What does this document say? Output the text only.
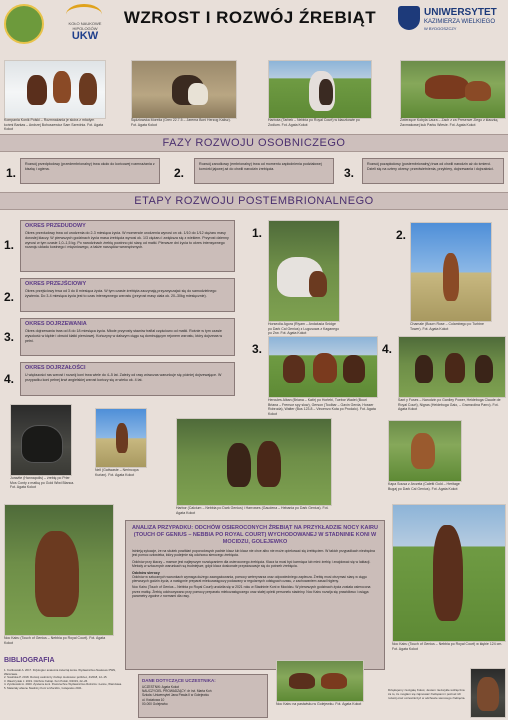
KOŁO NAUKOWE HIPOLOGÓW
UKW
WZROST I ROZWÓJ ŹREBIĄT	UNIWERSYTET
KAZIMIERZA WIELKIEGO
W BYDGOSZCZY
Kompania Konik Polski – Rozmnażania je skóra z młodym końmi Barkas – Andrzej Bohuszewicz Sam Szrednia. Fot. Agata Kokot
Sędziowska Morelia (Grex 22.7.5 – Jarema Boni Herzog Kalisz). Fot. Agata Kokot
Harbota (Tarbek – Nebbia po Royal Court) w klaczkowie po Zodium. Fot. Agata Kokot
Zwierzęce Kobyla Laura – Zach z za Preserwe Ziego z klaczką Zaxmakowej kuk Parku Wiesie. Fot. Agata Kokot
FAZY ROZWOJU OSOBNICZEGO
1.
Rozwój przedpłodowy (przedembrionalny) trwa około do końcowej rozmnażania z kiszkę i ogiena.	2.
Rozwój zarodkowy (embrionalny) trwa od momentu zapłodnienia podziałowej komórki jajowej aż do chwili narodzin źrebięcia.	3.
Rozwój pozapłodowy (postembrionalny) trwa od chwili narodzin aż do śmierci. Dzieli się na cztery okresy: przedwietnienia, przybiery, dojrzewania i dojrzałości.
ETAPY ROZWOJU POSTEMBRIONALNEGO
1.
OKRES PRZEDUDOWY
Okres przedudowy trwa od urodzenia do 2-3 miesiąca życia. W momencie urodzenia wynosi on ok. 1/10 do 1/12 ciężaru masy dorosłej klaczy. W pierwszych godzinach życia masa źrebięcia wynosi ok. 1/3 ciężaru i zwiększa się z wiekiem. Przyrost dzienny wynosi w tym czasie 1,0–1,5 kg. Po narodzinach źrebię powinno pić siarę od matki. Pierwsze dni życia to okres intensywnego rozwoju układu kostnego i mięśniowego, a także narządów wewnętrznych.
2.
OKRES PRZEJŚCIOWY
Okres przejściowy trwa od 3 do 8 miesiąca życia. W tym czasie źrebięta zaczynają przyzwyczajać się do samodzielnego żywienia. Do 3-4 miesiąca życia jest to czas intensywnego wzrostu (przyrost masy ciała ok. 20–30kg miesięcznie).
3.
OKRES DOJRZEWANIA
Okres dojrzewania trwa od 8 do 18 miesiąca życia. Młode przyrosty stawów trafiał częściowo od matki. Rośnie w tym czasie wysokość w kłębie i obwód klatki piersiowej. Kończyny w dalszym ciągu są dominującym rejonem wzrostu, który dojrzewa w pełni.
4.
OKRES DOJRZAŁOŚCI
U większości ras wzrost i rozwój koni trwa wiele do 4–5 lat. Zależy od rasy wówczas warunkuje się później dojrzewające. W przypadku koni pełnej krwi angielskiej wzrost kończy się w wieku ok. 4 lat.
1.
Horseolia Agora (Riyam – Andalusia Snidge po Dark Cal Genius) z Lugusowa z Kaganego po Zrw. Fot. Agata Kokot
2.
Chamale (Bourn Rose – Colambego po Turbine Tower). Fot. Agata Kokot
3.
Hercules Alban (Briana – Katir) po Horlebi, Tuebor Wadel (Bouri Briana – Frensor spy slow), Gerson (Toolbar – Gavin Gerda, Hosser Robroda), Walter (Bus 123.8 – Vincenzo Kuta po Prodalo). Fot. Agata Kokot
4.
Sant y Fuses – Narodzin po Ganlley Power, Heideboga Claude de Royal Court), Nigras (Heideboga Gaio, – Gramzolina Parro). Fot. Agata Kokot
Juravite (Hannapolis) – źrebię po Prier Mos Conty z matką po Gold Wiwi Blanca. Fot. Agata Kokot
Nell (Gaitwaste – Nerincopa Kurian). Fot. Agata Kokot
Harbor (Calcium – Nebbia po Dark Genius) i Harrowes (Gaudena – Hebania po Dark Genius). Fot. Agata Kokot
Kapa Sousa z Arczela (Caletti Gold – Heritage Bugaj po Dark Cal Genius). Fot. Agata Kokot
Noc Kairu (Touch of Genius – Nebbia po Royal Court). Fot. Agata Kokot
ANALIZA PRZYPADKU: ODCHÓW OSIEROCONYCH ŹREBIĄT NA PRZYKŁADZIE NOCY KAIRU (TOUCH OF GENIUS – NEBBIA PO ROYAL COURT) WYCHODOWANEJ W STADNINIE KONI W MOCIDZU, GOLEJEWKO
Istnieją sytuacje, że na skutek powikłań poporodowych padnie klacz lub klacz nie chce albo nie może opiekować się źrebięciem. W takich przypadkach niezbędna jest pomoc człowieka, który podejmie się odchowu sierocego źrebięcia.
Odchów przy klaczy – mamce jest najlepszym rozwiązaniem dla osieroconego źrebięcia. Klacz ta musi być karmiąca lub mieć źrebię i znajdować się w laktacji. Metody w sztucznych warunkach są trudniejsze, gdyż klacz doskonale przystosowuje się do potrzeb źrebięcia.
Odchów sierocy
Odchów w sztucznych warunkach wymaga dużego zaangażowania, pomocy weterynarza oraz odpowiedniego zaplecza. Źrebię musi otrzymać siarę w ciągu pierwszych godzin życia, a następnie preparat mlekozastępczy podawany w regularnych odstępach czasu, z zachowaniem zasad higieny.
Noc Kairu (Touch of Genius – Nebbia po Royal Court) urodziła się w 2021 roku w Stadninie Koni w Mocidzu. W pierwszych godzinach życia została osierocona przez matkę. Źrebię odchowywano przy pomocy preparatu mlekozastępczego oraz stałej opieki personelu stadniny. Noc Kairu rozwija się prawidłowo i osiąga parametry zgodne z normami dla rasy.
Noc Kairu (Touch of Genius – Nebbia po Royal Court) w kłębie 124 cm. Fot. Agata Kokot
BIBLIOGRAFIA
1. Kozikowski A. 2017. Fizjologia i anatomia zwierząt konia. Wydawnictwo Naukowe PWN, Warszawa.
2. Sosińska P. 2018. Rozwój osobniczy źrebiąt. Hodowca i jeździec, 4/2018, 12–15.
3. Wawrzyniak J. 2019. Odchów źrebiąt. Koń Polski, 6/2019, 22–26.
4. Zyszkowski A. 2020. Żywienie koni. Powszechne Wydawnictwo Rolnicze i Leśne, Warszawa.
5. Materiały własne Stadniny Koni w Mocidzu, Golejewko 2021.
DANE DOTYCZĄCE UCZESTNIKA:
UCZESTNIK: Agata Kokot
NAUCZYCIEL PROWADZĄCY: dr inż. Marta Koń
Szkoła: Uniwersytet Jana Pawła II w Golejewku
ul. Kwiatowa 10
00-000 Golejewko	Noc Kairu na pastwisku w Golejewku. Fot. Agata Kokot
Dziękujemy za Agatę Kokot, Jestem niezwykle wdzięczna za to, że mogłam się zajmować źrebiętami i poznać ich rozwój oraz uczestniczyć w odchowie sierocego źrebięcia.
